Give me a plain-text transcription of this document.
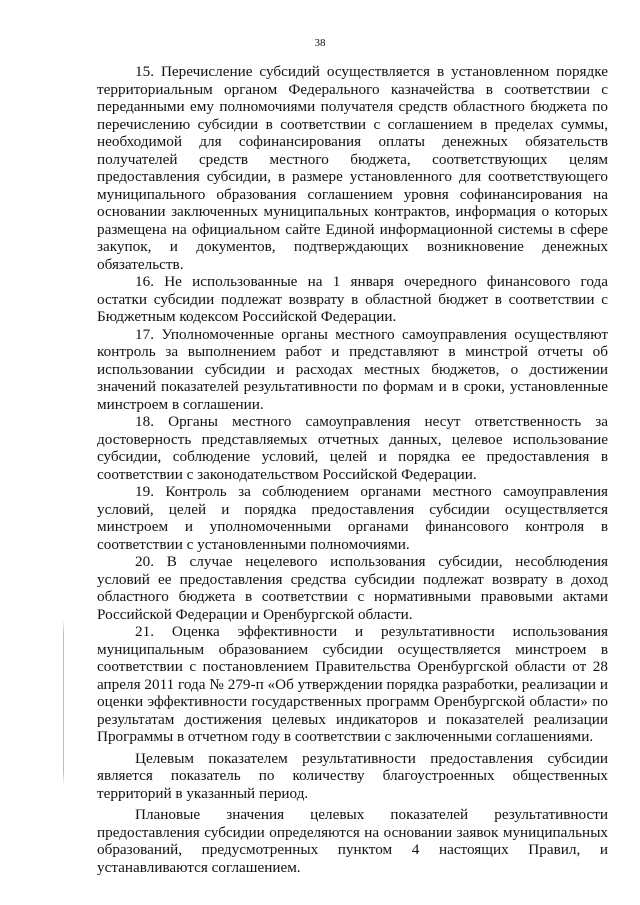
38

15. Перечисление субсидий осуществляется в установленном порядке территориальным органом Федерального казначейства в соответствии с переданными ему полномочиями получателя средств областного бюджета по перечислению субсидии в соответствии с соглашением в пределах суммы, необходимой для софинансирования оплаты денежных обязательств получателей средств местного бюджета, соответствующих целям предоставления субсидии, в размере установленного для соответствующего муниципального образования соглашением уровня софинансирования на основании заключенных муниципальных контрактов, информация о которых размещена на официальном сайте Единой информационной системы в сфере закупок, и документов, подтверждающих возникновение денежных обязательств.

16. Не использованные на 1 января очередного финансового года остатки субсидии подлежат возврату в областной бюджет в соответствии с Бюджетным кодексом Российской Федерации.

17. Уполномоченные органы местного самоуправления осуществляют контроль за выполнением работ и представляют в минстрой отчеты об использовании субсидии и расходах местных бюджетов, о достижении значений показателей результативности по формам и в сроки, установленные минстроем в соглашении.

18. Органы местного самоуправления несут ответственность за достоверность представляемых отчетных данных, целевое использование субсидии, соблюдение условий, целей и порядка ее предоставления в соответствии с законодательством Российской Федерации.

19. Контроль за соблюдением органами местного самоуправления условий, целей и порядка предоставления субсидии осуществляется минстроем и уполномоченными органами финансового контроля в соответствии с установленными полномочиями.

20. В случае нецелевого использования субсидии, несоблюдения условий ее предоставления средства субсидии подлежат возврату в доход областного бюджета в соответствии с нормативными правовыми актами Российской Федерации и Оренбургской области.

21. Оценка эффективности и результативности использования муниципальным образованием субсидии осуществляется минстроем в соответствии с постановлением Правительства Оренбургской области от 28 апреля 2011 года № 279-п «Об утверждении порядка разработки, реализации и оценки эффективности государственных программ Оренбургской области» по результатам достижения целевых индикаторов и показателей реализации Программы в отчетном году в соответствии с заключенными соглашениями.

Целевым показателем результативности предоставления субсидии является показатель по количеству благоустроенных общественных территорий в указанный период.

Плановые значения целевых показателей результативности предоставления субсидии определяются на основании заявок муниципальных образований, предусмотренных пунктом 4 настоящих Правил, и устанавливаются соглашением.
